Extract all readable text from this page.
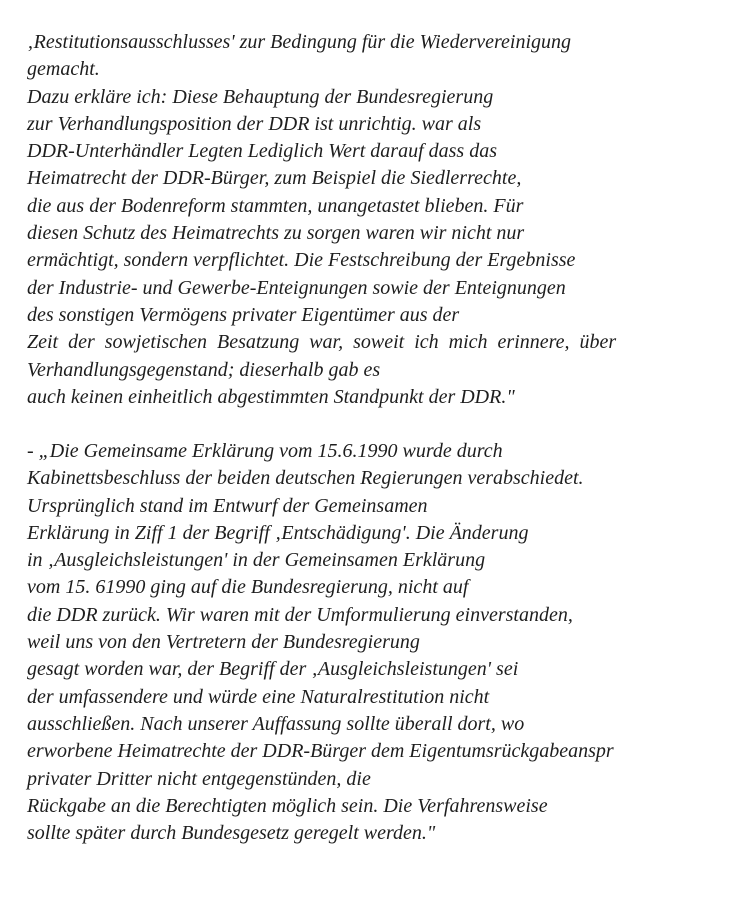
‚Restitutionsausschlusses' zur Bedingung für die Wiedervereinigung
gemacht.
Dazu erkläre ich: Diese Behauptung der Bundesregierung
zur Verhandlungsposition der DDR ist unrichtig. war als
DDR-Unterhändler Legten Lediglich Wert darauf dass das
Heimatrecht der DDR-Bürger, zum Beispiel die Siedlerrechte,
die aus der Bodenreform stammten, unangetastet blieben. Für
diesen Schutz des Heimatrechts zu sorgen waren wir nicht nur
ermächtigt, sondern verpflichtet. Die Festschreibung der Ergebnisse
der Industrie- und Gewerbe-Enteignungen sowie der Enteignungen
des sonstigen Vermögens privater Eigentümer aus der
Zeit der sowjetischen Besatzung war, soweit ich mich erinnere, über
Verhandlungsgegenstand; dieserhalb gab es
auch keinen einheitlich abgestimmten Standpunkt der DDR."
- „Die Gemeinsame Erklärung vom 15.6.1990 wurde durch
Kabinettsbeschluss der beiden deutschen Regierungen verabschiedet.
Ursprünglich stand im Entwurf der Gemeinsamen
Erklärung in Ziff 1 der Begriff ‚Entschädigung'. Die Änderung
in ‚Ausgleichsleistungen' in der Gemeinsamen Erklärung
vom 15. 61990 ging auf die Bundesregierung, nicht auf
die DDR zurück. Wir waren mit der Umformulierung einverstanden,
weil uns von den Vertretern der Bundesregierung
gesagt worden war, der Begriff der ‚Ausgleichsleistungen' sei
der umfassendere und würde eine Naturalrestitution nicht
ausschließen. Nach unserer Auffassung sollte überall dort, wo
erworbene Heimatrechte der DDR-Bürger dem Eigentumsrückgabeanspr
privater Dritter nicht entgegenstünden, die
Rückgabe an die Berechtigten möglich sein. Die Verfahrensweise
sollte später durch Bundesgesetz geregelt werden."
